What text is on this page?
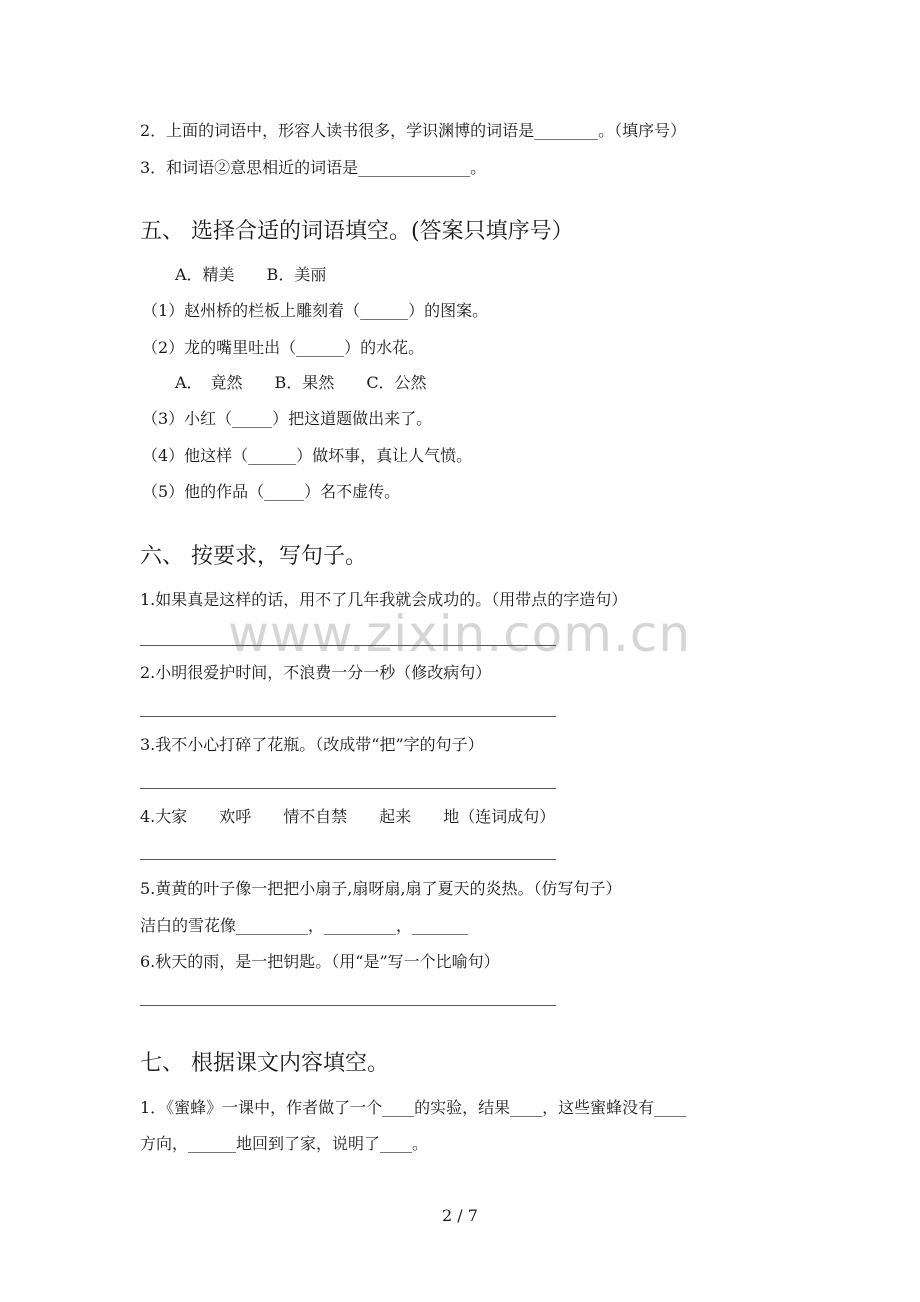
www.zixin.com.cn
2．上面的词语中，形容人读书很多，学识渊博的词语是________。（填序号）
3．和词语②意思相近的词语是______________。
五、 选择合适的词语填空。(答案只填序号）
A．精美　　B．美丽
（1）赵州桥的栏板上雕刻着（______）的图案。
（2）龙的嘴里吐出（______）的水花。
A．　竟然　　B．果然　　C．公然
（3）小红（_____）把这道题做出来了。
（4）他这样（______）做坏事，真让人气愤。
（5）他的作品（_____）名不虚传。
六、 按要求，写句子。
1.如果真是这样的话，用不了几年我就会成功的。（用带点的字造句）
2.小明很爱护时间，不浪费一分一秒（修改病句）
3.我不小心打碎了花瓶。（改成带“把”字的句子）
4.大家　　欢呼　　情不自禁　　起来　　地（连词成句）
5.黄黄的叶子像一把把小扇子,扇呀扇,扇了夏天的炎热。（仿写句子）
洁白的雪花像_________，_________，_______
6.秋天的雨，是一把钥匙。（用“是”写一个比喻句）
七、 根据课文内容填空。
1．《蜜蜂》一课中，作者做了一个____的实验，结果____，这些蜜蜂没有____
方向，______地回到了家，说明了____。
2 / 7
